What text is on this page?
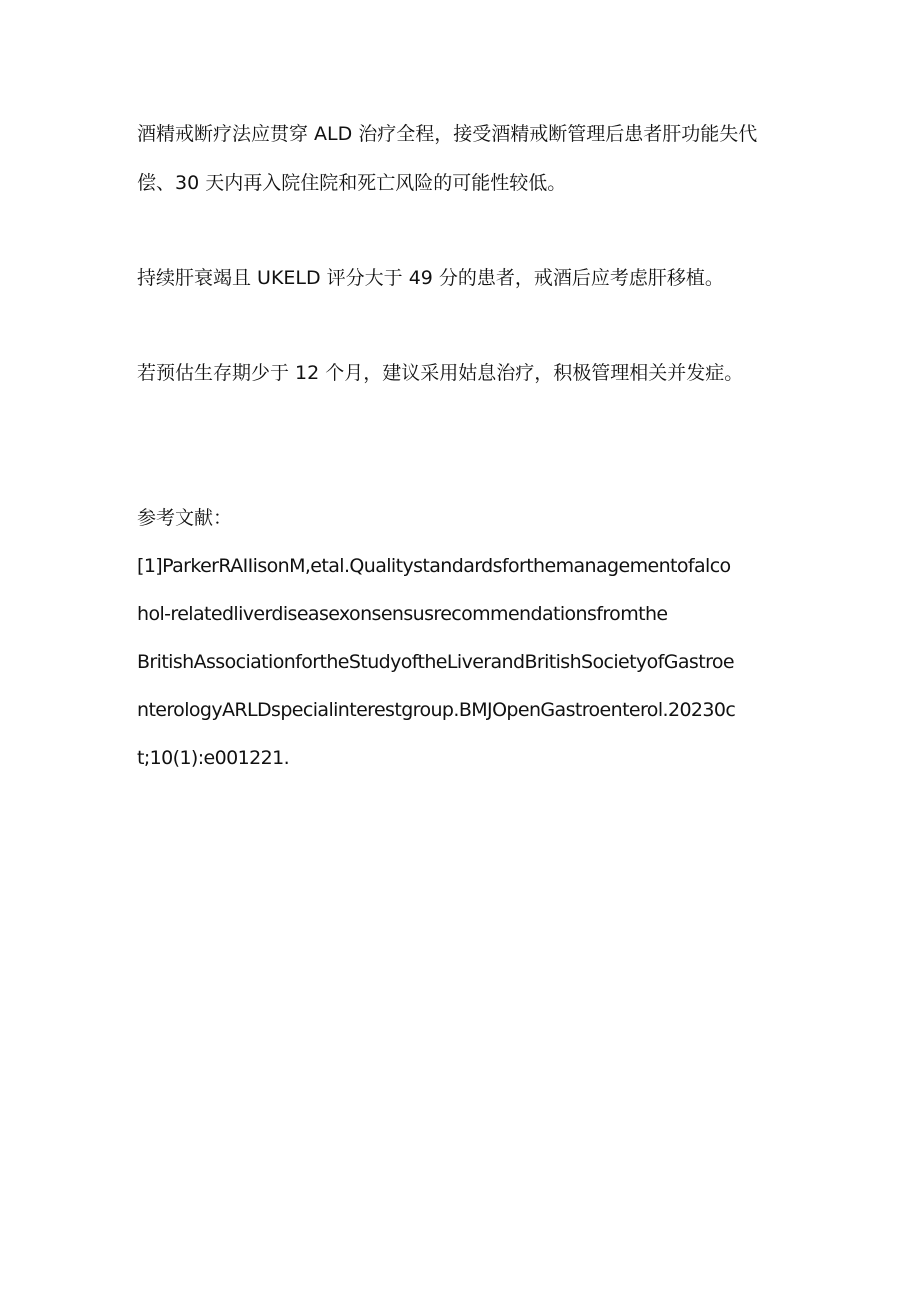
酒精戒断疗法应贯穿 ALD 治疗全程，接受酒精戒断管理后患者肝功能失代
偿、30 天内再入院住院和死亡风险的可能性较低。
持续肝衰竭且 UKELD 评分大于 49 分的患者，戒酒后应考虑肝移植。
若预估生存期少于 12 个月，建议采用姑息治疗，积极管理相关并发症。
参考文献：
[1]ParkerRAIIisonM,etal.Qualitystandardsforthemanagementofalco
hol-relatedliverdiseasexonsensusrecommendationsfromthe
BritishAssociationfortheStudyoftheLiverandBritishSocietyofGastroe
nterologyARLDspecialinterestgroup.BMJOpenGastroenterol.20230c
t;10(1):e001221.
